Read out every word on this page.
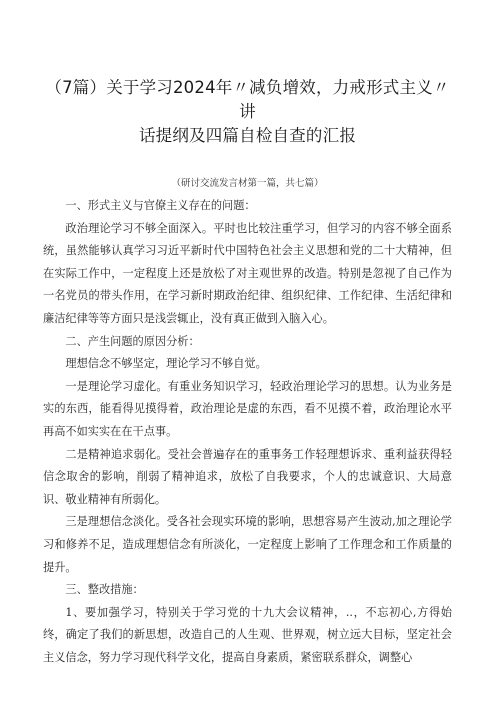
（7篇）关于学习2024年〃减负增效，力戒形式主义〃讲
话提纲及四篇自检自查的汇报
（研讨交流发言材第一篇，共七篇）

一、形式主义与官僚主义存在的问题：

政治理论学习不够全面深入。平时也比较注重学习，但学习的内容不够全面系统，虽然能够认真学习习近平新时代中国特色社会主义思想和党的二十大精神，但在实际工作中，一定程度上还是放松了对主观世界的改造。特别是忽视了自己作为一名党员的带头作用，在学习新时期政治纪律、组织纪律、工作纪律、生活纪律和廉洁纪律等等方面只是浅尝辄止，没有真正做到入脑入心。

二、产生问题的原因分析：

理想信念不够坚定，理论学习不够自觉。

一是理论学习虚化。有重业务知识学习，轻政治理论学习的思想。认为业务是实的东西，能看得见摸得着，政治理论是虚的东西，看不见摸不着，政治理论水平再高不如实实在在干点事。

二是精神追求弱化。受社会普遍存在的重事务工作轻理想诉求、重利益获得轻信念取舍的影响，削弱了精神追求，放松了自我要求，个人的忠诚意识、大局意识、敬业精神有所弱化。

三是理想信念淡化。受各社会现实环境的影响，思想容易产生波动,加之理论学习和修养不足，造成理想信念有所淡化，一定程度上影响了工作理念和工作质量的提升。

三、整改措施：

1、要加强学习，特别关于学习党的十九大会议精神，..，不忘初心,方得始终，确定了我们的新思想，改造自己的人生观、世界观，树立远大目标，坚定社会主义信念，努力学习现代科学文化，提高自身素质，紧密联系群众，调整心
